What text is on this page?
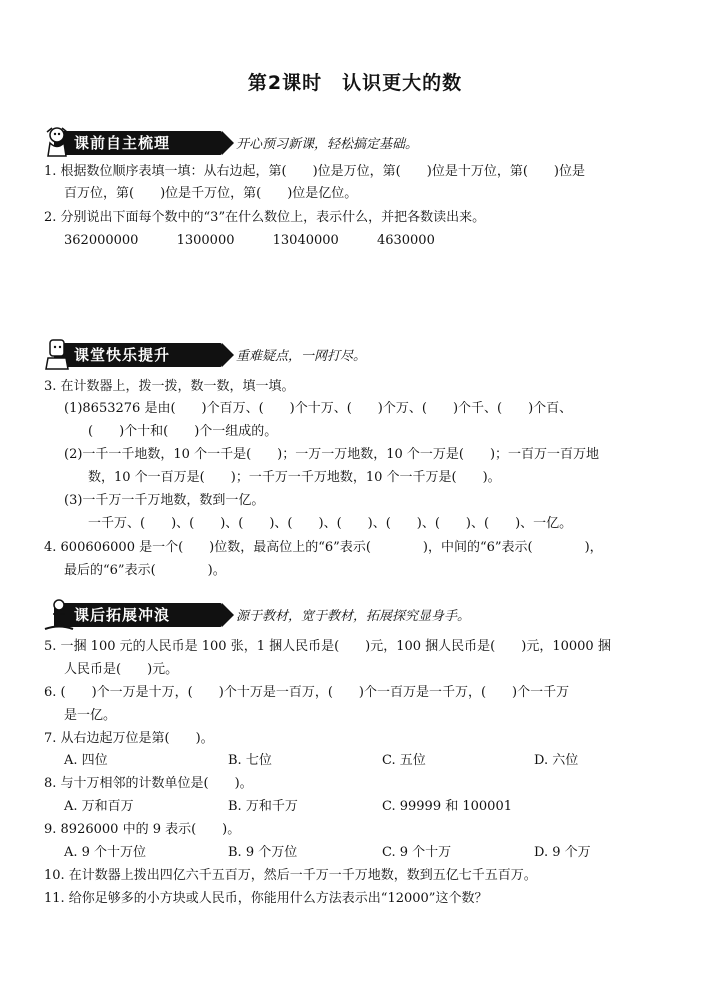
第2课时　认识更大的数
课前自主梳理	开心预习新课，轻松搞定基础。
1. 根据数位顺序表填一填：从右边起，第(　　)位是万位，第(　　)位是十万位，第(　　)位是
百万位，第(　　)位是千万位，第(　　)位是亿位。
2. 分别说出下面每个数中的“3”在什么数位上，表示什么，并把各数读出来。
362000000	1300000	13040000	4630000
课堂快乐提升	重难疑点，一网打尽。
3. 在计数器上，拨一拨，数一数，填一填。
(1)8653276 是由(　　)个百万、(　　)个十万、(　　)个万、(　　)个千、(　　)个百、
(　　)个十和(　　)个一组成的。
(2)一千一千地数，10 个一千是(　　)；一万一万地数，10 个一万是(　　)；一百万一百万地
数，10 个一百万是(　　)；一千万一千万地数，10 个一千万是(　　)。
(3)一千万一千万地数，数到一亿。
一千万、(　　)、(　　)、(　　)、(　　)、(　　)、(　　)、(　　)、(　　)、一亿。
4. 600606000 是一个(　　)位数，最高位上的“6”表示(　　　　)，中间的“6”表示(　　　　)，
最后的“6”表示(　　　　)。
课后拓展冲浪	源于教材，宽于教材，拓展探究显身手。
5. 一捆 100 元的人民币是 100 张，1 捆人民币是(　　)元，100 捆人民币是(　　)元，10000 捆
人民币是(　　)元。
6. (　　)个一万是十万，(　　)个十万是一百万，(　　)个一百万是一千万，(　　)个一千万
是一亿。
7. 从右边起万位是第(　　)。
A. 四位	B. 七位	C. 五位	D. 六位
8. 与十万相邻的计数单位是(　　)。
A. 万和百万	B. 万和千万	C. 99999 和 100001
9. 8926000 中的 9 表示(　　)。
A. 9 个十万位	B. 9 个万位	C. 9 个十万	D. 9 个万
10. 在计数器上拨出四亿六千五百万，然后一千万一千万地数，数到五亿七千五百万。
11. 给你足够多的小方块或人民币，你能用什么方法表示出“12000”这个数？
